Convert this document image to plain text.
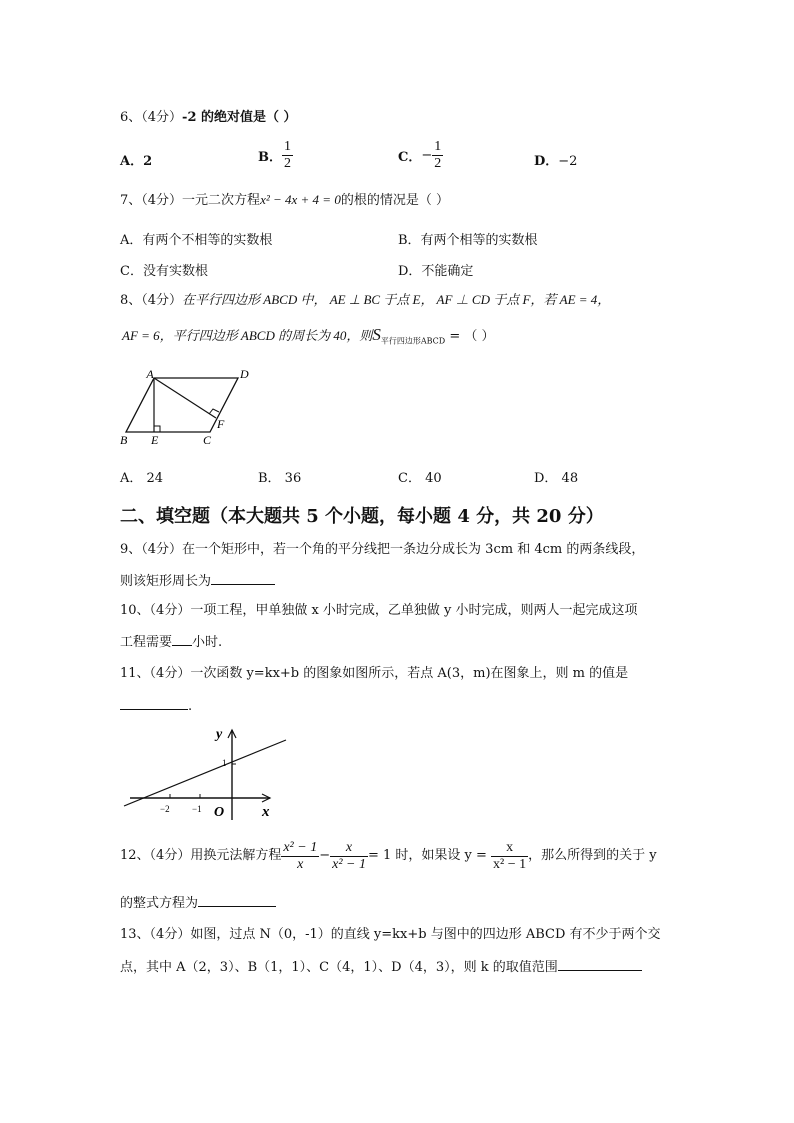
6、（4分）-2 的绝对值是（ ）
A．2	B． $\frac{1}{2}$	C．− $\frac{1}{2}$	D．−2
7、（4分）一元二次方程x² − 4x + 4 = 0的根的情况是（ ）
A．有两个不相等的实数根	B．有两个相等的实数根
C．没有实数根	D．不能确定
8、（4分）在平行四边形 ABCD 中， AE ⊥ BC 于点 E， AF ⊥ CD 于点 F，若 AE = 4，
AF = 6，平行四边形 ABCD 的周长为 40，则$S_{平行四边形ABCD}$ = （ ）
A	D
B E	C
F
A． 24	B． 36	C． 40	D． 48
二、填空题（本大题共 5 个小题，每小题 4 分，共 20 分）
9、（4分）在一个矩形中，若一个角的平分线把一条边分成长为 3cm 和 4cm 的两条线段，
则该矩形周长为
10、（4分）一项工程，甲单独做 x 小时完成，乙单独做 y 小时完成，则两人一起完成这项
工程需要 小时.
11、（4分）一次函数 y=kx+b 的图象如图所示，若点 A(3，m)在图象上，则 m 的值是
.
y
x
O
−2 −1
1
12、（4分）用换元法解方程 $\frac{\text{x² − 1}}{x} - \frac{x}{\text{x² − 1}} = 1$ 时，如果设 $y = \frac{x}{\text{x² − 1}}$ ，那么所得到的关于 y
的整式方程为
13、（4分）如图，过点 N（0，-1）的直线 y=kx+b 与图中的四边形 ABCD 有不少于两个交
点，其中 A（2，3）、B（1，1）、C（4，1）、D（4，3），则 k 的取值范围
